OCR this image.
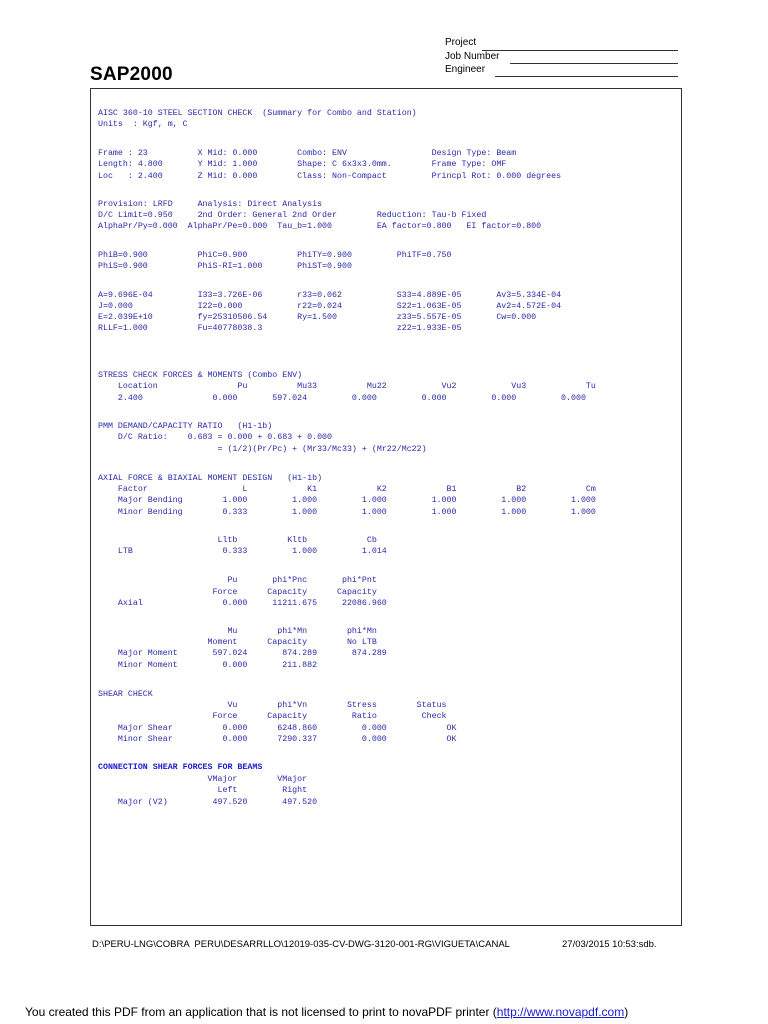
SAP2000
Project
Job Number
Engineer
AISC 360-10 STEEL SECTION CHECK  (Summary for Combo and Station)
Units  : Kgf, m, C
Frame : 23          X Mid: 0.000        Combo: ENV                 Design Type: Beam
Length: 4.800       Y Mid: 1.000        Shape: C 6x3x3.0mm.        Frame Type: OMF
Loc   : 2.400       Z Mid: 0.000        Class: Non-Compact         Princpl Rot: 0.000 degrees
Provision: LRFD     Analysis: Direct Analysis
D/C Limit=0.950     2nd Order: General 2nd Order        Reduction: Tau-b Fixed
AlphaPr/Py=0.000  AlphaPr/Pe=0.000  Tau_b=1.000         EA factor=0.800   EI factor=0.800
PhiB=0.900          PhiC=0.900          PhiTY=0.900         PhiTF=0.750
PhiS=0.900          PhiS-RI=1.000       PhiST=0.900
A=9.696E-04         I33=3.726E-06       r33=0.062           S33=4.889E-05       Av3=5.334E-04
J=0.000             I22=0.000           r22=0.024           S22=1.063E-05       Av2=4.572E-04
E=2.039E+10         fy=25310506.54      Ry=1.500            z33=5.557E-05       Cw=0.000
RLLF=1.000          Fu=40778038.3                           z22=1.933E-05
STRESS CHECK FORCES & MOMENTS (Combo ENV)
Location                Pu          Mu33          Mu22           Vu2           Vu3            Tu
2.400              0.000       597.024         0.000         0.000         0.000         0.000
PMM DEMAND/CAPACITY RATIO   (H1-1b)
D/C Ratio:    0.683 = 0.000 + 0.683 + 0.000
= (1/2)(Pr/Pc) + (Mr33/Mc33) + (Mr22/Mc22)
AXIAL FORCE & BIAXIAL MOMENT DESIGN   (H1-1b)
Factor                   L            K1            K2            B1            B2            Cm
Major Bending        1.000         1.000         1.000         1.000         1.000         1.000
Minor Bending        0.333         1.000         1.000         1.000         1.000         1.000
Lltb          Kltb            Cb
LTB                  0.333         1.000         1.014
Pu       phi*Pnc       phi*Pnt
Force      Capacity      Capacity
Axial                0.000     11211.675     22086.960
Mu        phi*Mn        phi*Mn
Moment      Capacity        No LTB
Major Moment       597.024       874.289       874.289
Minor Moment         0.000       211.882
SHEAR CHECK
Vu        phi*Vn        Stress        Status
Force      Capacity         Ratio         Check
Major Shear          0.000      6248.860         0.000            OK
Minor Shear          0.000      7290.337         0.000            OK
CONNECTION SHEAR FORCES FOR BEAMS
VMajor        VMajor
Left         Right
Major (V2)         497.520       497.520
D:\PERU-LNG\COBRA  PERU\DESARRLLO\12019-035-CV-DWG-3120-001-RG\VIGUETA\CANAL	27/03/2015 10:53:sdb.
You created this PDF from an application that is not licensed to print to novaPDF printer (http://www.novapdf.com)
